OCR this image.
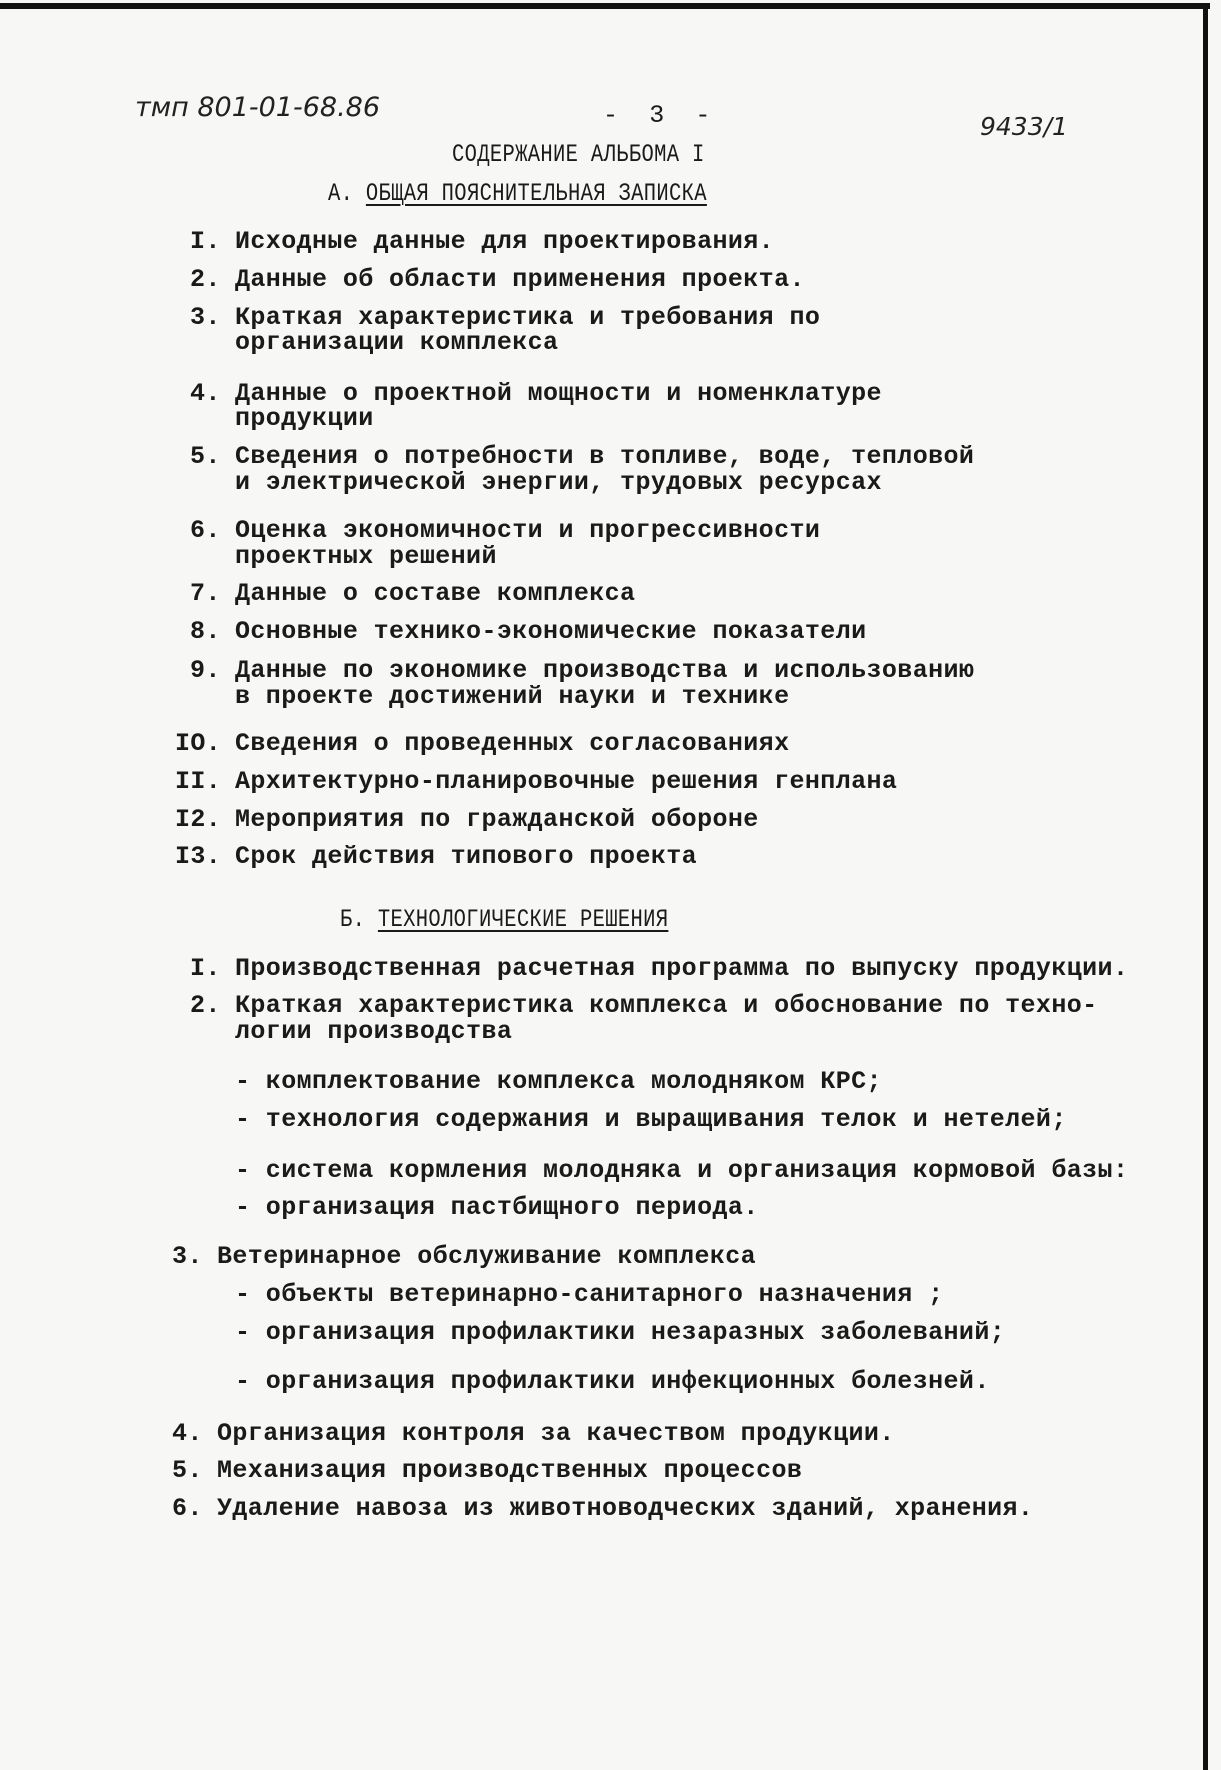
тмп 801-01-68.86	-  3  -	9433/1
СОДЕРЖАНИЕ АЛЬБОМА I
А. ОБЩАЯ ПОЯСНИТЕЛЬНАЯ ЗАПИСКА
Б. ТЕХНОЛОГИЧЕСКИЕ РЕШЕНИЯ
I. Исходные данные для проектирования.
2. Данные об области применения проекта.
3. Краткая характеристика и требования по
организации комплекса
4. Данные о проектной мощности и номенклатуре
продукции
5. Сведения о потребности в топливе, воде, тепловой
и электрической энергии, трудовых ресурсах
6. Оценка экономичности и прогрессивности
проектных решений
7. Данные о составе комплекса
8. Основные технико-экономические показатели
9. Данные по экономике производства и использованию
в проекте достижений науки и технике
IO. Сведения о проведенных согласованиях
II. Архитектурно-планировочные решения генплана
I2. Мероприятия по гражданской обороне
I3. Срок действия типового проекта
I. Производственная расчетная программа по выпуску продукции.
2. Краткая характеристика комплекса и обоснование по техно-
логии производства
- комплектование комплекса молодняком КРС;
- технология содержания и выращивания телок и нетелей;
- система кормления молодняка и организация кормовой базы:
- организация пастбищного периода.
3. Ветеринарное обслуживание комплекса
- объекты ветеринарно-санитарного назначения ;
- организация профилактики незаразных заболеваний;
- организация профилактики инфекционных болезней.
4. Организация контроля за качеством продукции.
5. Механизация производственных процессов
6. Удаление навоза из животноводческих зданий, хранения.
